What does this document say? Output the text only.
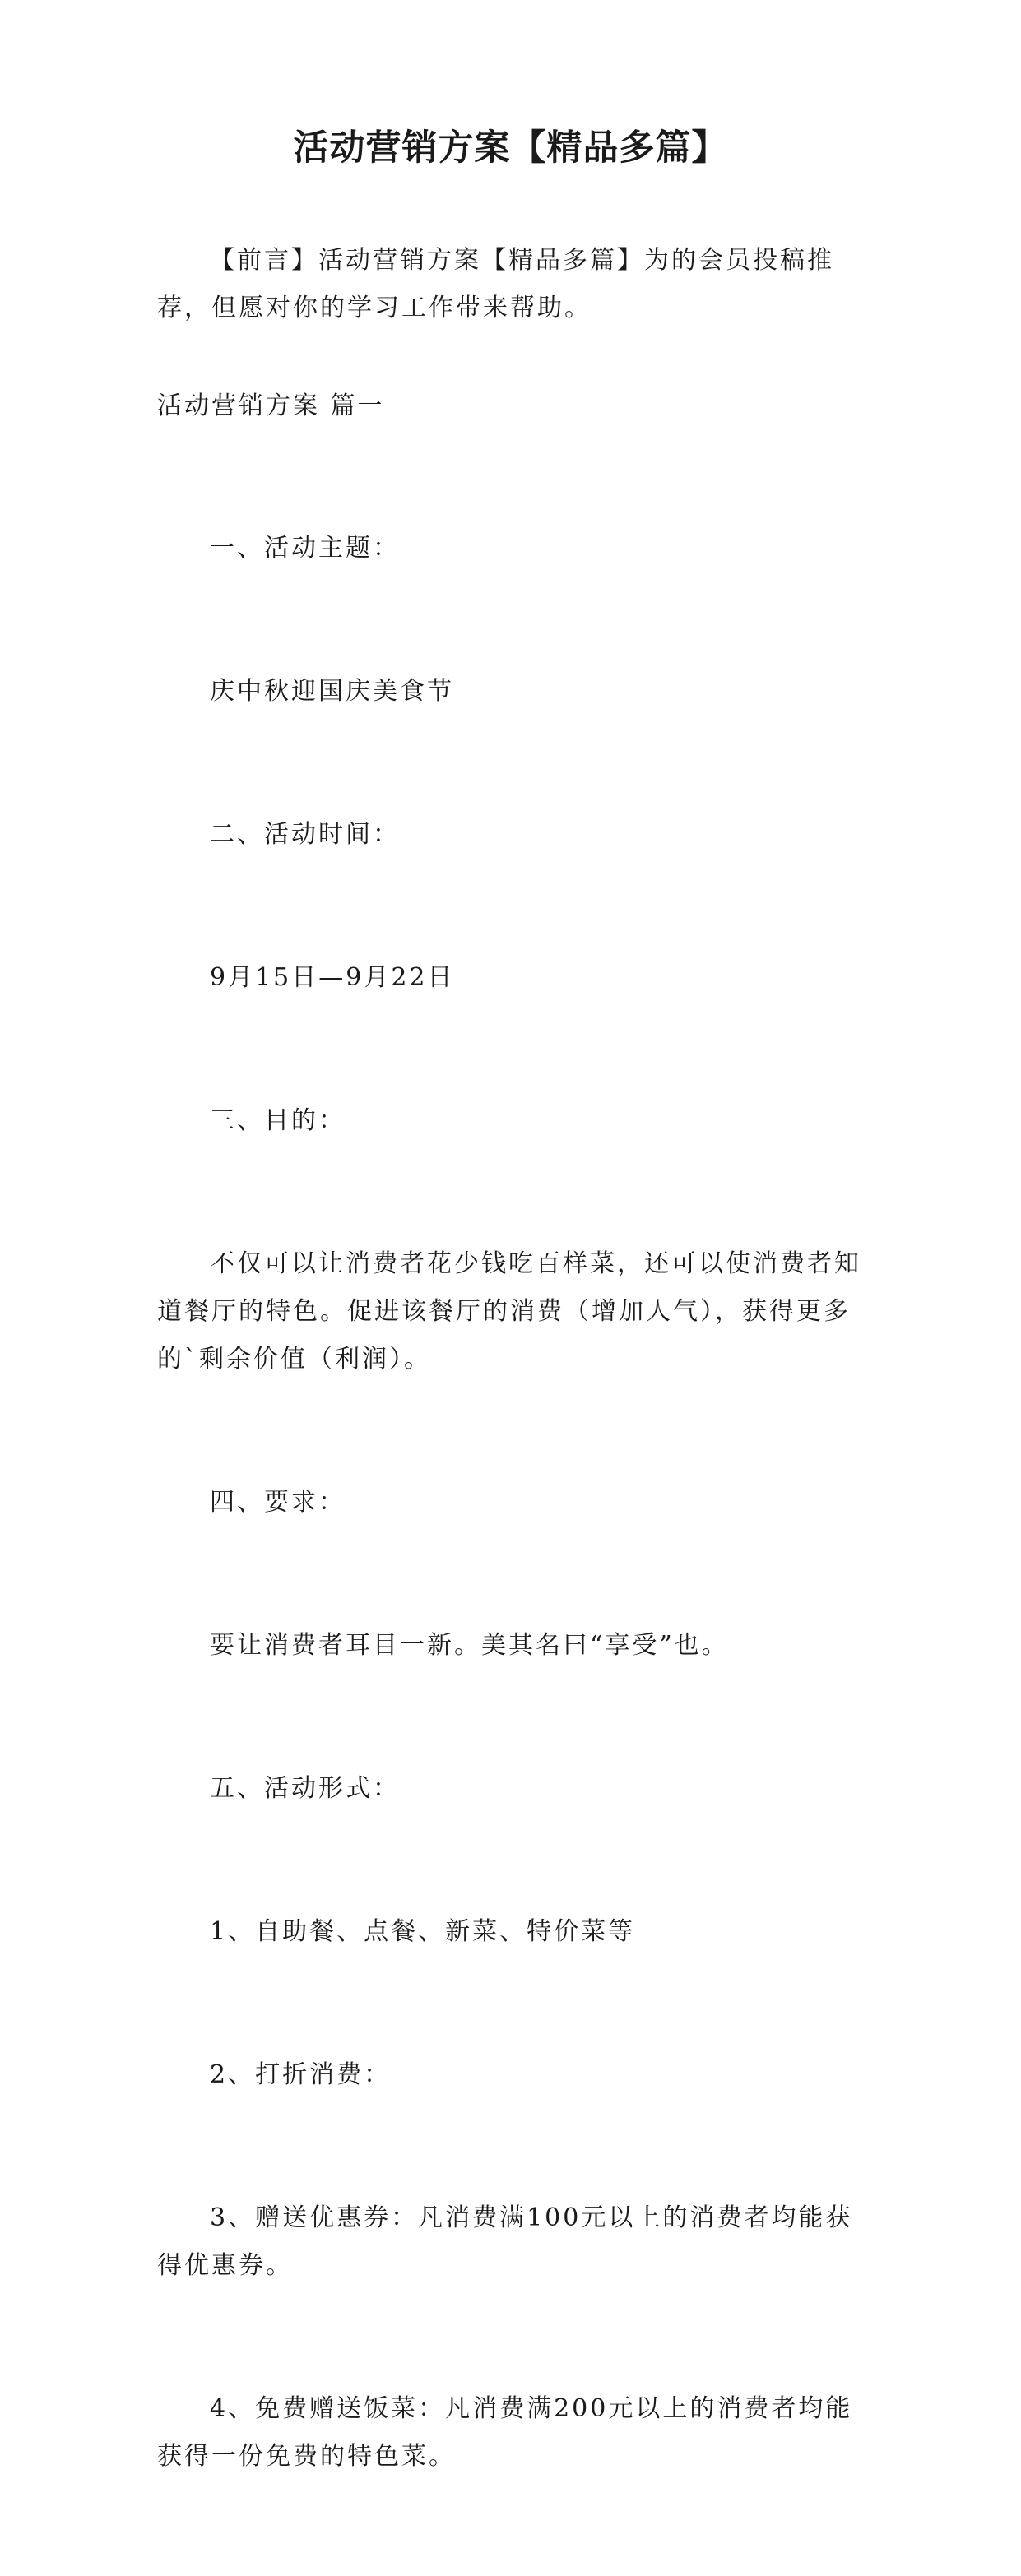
活动营销方案【精品多篇】

【前言】活动营销方案【精品多篇】为的会员投稿推荐，但愿对你的学习工作带来帮助。

活动营销方案 篇一

一、活动主题：

庆中秋迎国庆美食节

二、活动时间：

9月15日—9月22日

三、目的：

不仅可以让消费者花少钱吃百样菜，还可以使消费者知道餐厅的特色。促进该餐厅的消费（增加人气），获得更多的`剩余价值（利润）。

四、要求：

要让消费者耳目一新。美其名曰“享受”也。

五、活动形式：

1、自助餐、点餐、新菜、特价菜等

2、打折消费：

3、赠送优惠券：凡消费满100元以上的消费者均能获得优惠券。

4、免费赠送饭菜：凡消费满200元以上的消费者均能获得一份免费的特色菜。
